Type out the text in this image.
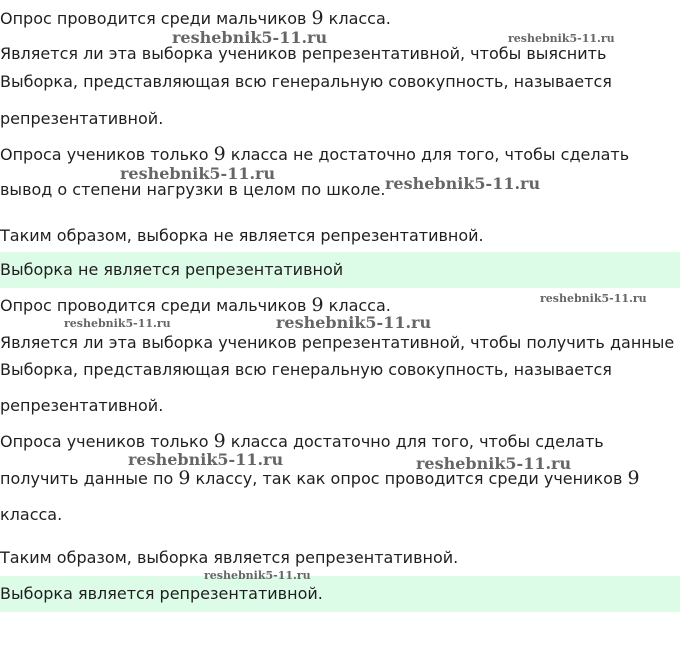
Опрос проводится среди мальчиков 9 класса.
Является ли эта выборка учеников репрезентативной, чтобы выяснить
Выборка, представляющая всю генеральную совокупность, называется
репрезентативной.
Опроса учеников только 9 класса не достаточно для того, чтобы сделать
вывод о степени нагрузки в целом по школе.
Таким образом, выборка не является репрезентативной.
Выборка не является репрезентативной
Опрос проводится среди мальчиков 9 класса.
Является ли эта выборка учеников репрезентативной, чтобы получить данные
Выборка, представляющая всю генеральную совокупность, называется
репрезентативной.
Опроса учеников только 9 класса достаточно для того, чтобы сделать
получить данные по 9 классу, так как опрос проводится среди учеников 9
класса.
Таким образом, выборка является репрезентативной.
Выборка является репрезентативной.
reshebnik5-11.ru	reshebnik5-11.ru
reshebnik5-11.ru
reshebnik5-11.ru
reshebnik5-11.ru
reshebnik5-11.ru	reshebnik5-11.ru
reshebnik5-11.ru	reshebnik5-11.ru
reshebnik5-11.ru
